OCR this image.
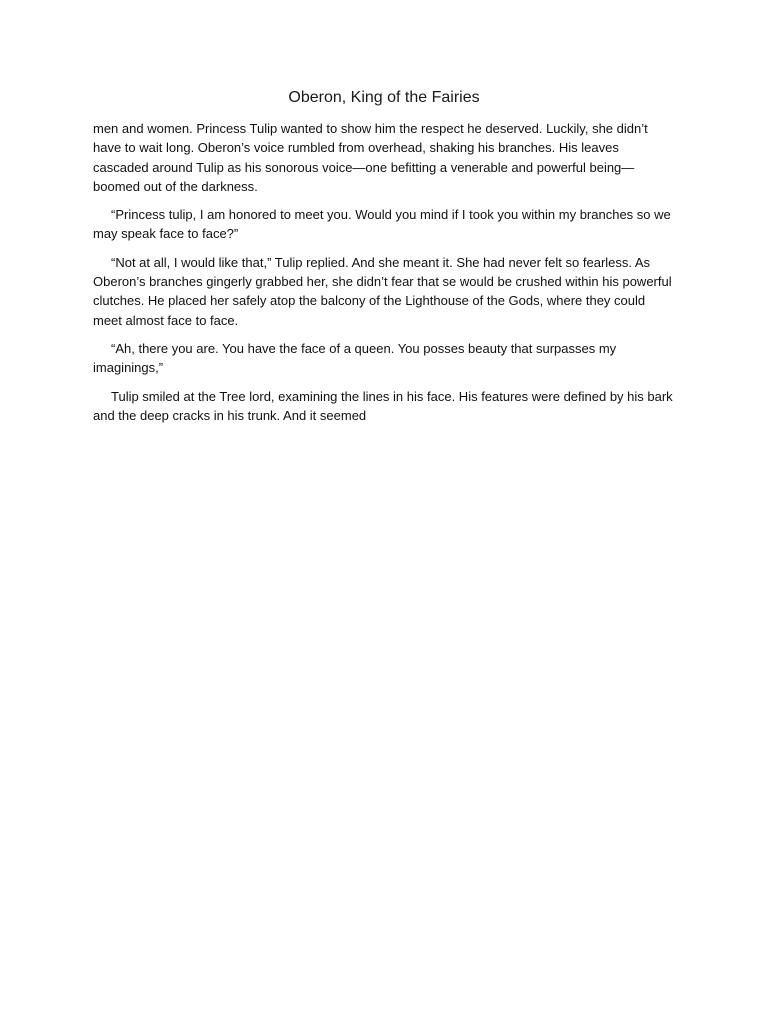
Oberon, King of the Fairies

men and women. Princess Tulip wanted to show him the respect he deserved. Luckily, she didn’t have to wait long. Oberon’s voice rumbled from overhead, shaking his branches. His leaves cascaded around Tulip as his sonorous voice—one befitting a venerable and powerful being—boomed out of the darkness.

“Princess tulip, I am honored to meet you. Would you mind if I took you within my branches so we may speak face to face?”

“Not at all, I would like that,” Tulip replied. And she meant it. She had never felt so fearless. As Oberon’s branches gingerly grabbed her, she didn’t fear that se would be crushed within his powerful clutches. He placed her safely atop the balcony of the Lighthouse of the Gods, where they could meet almost face to face.

“Ah, there you are. You have the face of a queen. You posses beauty that surpasses my imaginings,”

Tulip smiled at the Tree lord, examining the lines in his face. His features were defined by his bark and the deep cracks in his trunk. And it seemed
